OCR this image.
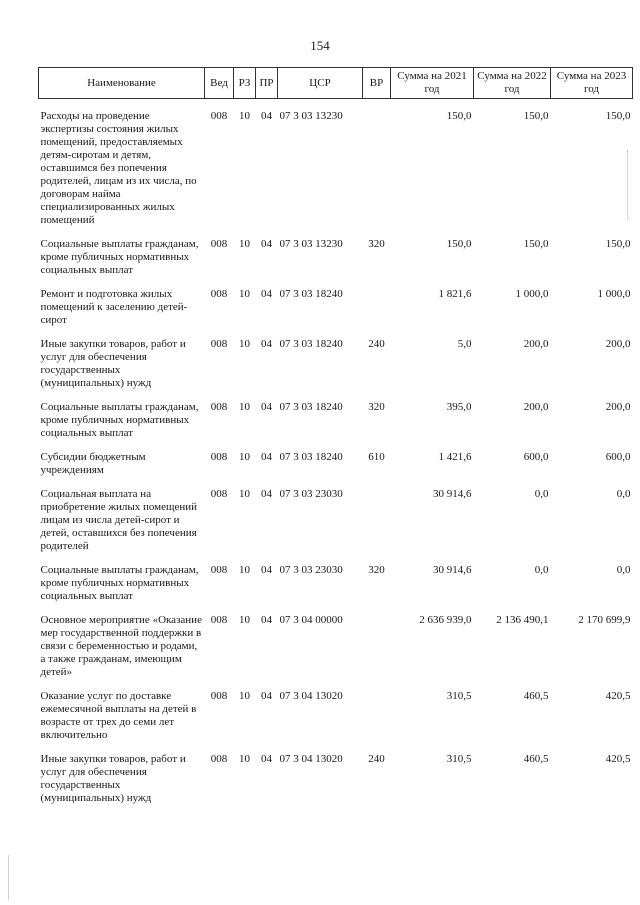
154
Наименование	Вед	РЗ	ПР	ЦСР	ВР	Сумма на 2021 год	Сумма на 2022 год	Сумма на 2023 год

Расходы на проведение экспертизы состояния жилых помещений, предоставляемых детям-сиротам и детям, оставшимся без попечения родителей, лицам из их числа, по договорам найма специализированных жилых помещений	008	10	04	07 3 03 13230		150,0	150,0	150,0

Социальные выплаты гражданам, кроме публичных нормативных социальных выплат	008	10	04	07 3 03 13230	320	150,0	150,0	150,0

Ремонт и подготовка жилых помещений к заселению детей-сирот	008	10	04	07 3 03 18240		1 821,6	1 000,0	1 000,0

Иные закупки товаров, работ и услуг для обеспечения государственных (муниципальных) нужд	008	10	04	07 3 03 18240	240	5,0	200,0	200,0

Социальные выплаты гражданам, кроме публичных нормативных социальных выплат	008	10	04	07 3 03 18240	320	395,0	200,0	200,0

Субсидии бюджетным учреждениям	008	10	04	07 3 03 18240	610	1 421,6	600,0	600,0

Социальная выплата на приобретение жилых помещений лицам из числа детей-сирот и детей, оставшихся без попечения родителей	008	10	04	07 3 03 23030		30 914,6	0,0	0,0

Социальные выплаты гражданам, кроме публичных нормативных социальных выплат	008	10	04	07 3 03 23030	320	30 914,6	0,0	0,0

Основное мероприятие «Оказание мер государственной поддержки в связи с беременностью и родами, а также гражданам, имеющим детей»	008	10	04	07 3 04 00000		2 636 939,0	2 136 490,1	2 170 699,9

Оказание услуг по доставке ежемесячной выплаты на детей в возрасте от трех до семи лет включительно	008	10	04	07 3 04 13020		310,5	460,5	420,5

Иные закупки товаров, работ и услуг для обеспечения государственных (муниципальных) нужд	008	10	04	07 3 04 13020	240	310,5	460,5	420,5
